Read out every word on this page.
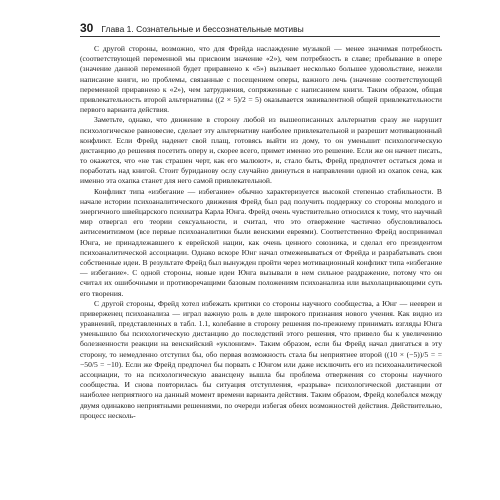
30 Глава 1. Сознательные и бессознательные мотивы

С другой стороны, возможно, что для Фрейда наслаждение музыкой — менее значимая потребность (соответствующей переменной мы присвоим значение «2»), чем потребность в славе; пребывание в опере (значение данной переменной будет приравнено к «5») вызывает несколько большее удовольствие, нежели написание книги, но проблемы, связанные с посещением оперы, важного лечь (значение соответствующей переменной приравнено к «2»), чем затруднения, сопряженные с написанием книги. Таким образом, общая привлекательность второй альтернативы ((2 × 5)/2 = 5) оказывается эквивалентной общей привлекательности первого варианта действия.

Заметьте, однако, что движение в сторону любой из вышеописанных альтернатив сразу же нарушит психологическое равновесие, сделает эту альтернативу наиболее привлекательной и разрешит мотивационный конфликт. Если Фрейд наденет свой плащ, готовясь выйти из дому, то он уменьшит психологическую дистанцию до решения посетить оперу и, скорее всего, примет именно это решение. Если же он начнет писать, то окажется, что «не так страшен черт, как его малюют», и, стало быть, Фрейд предпочтет остаться дома и поработать над книгой. Стоит буриданову ослу случайно двинуться в направлении одной из охапок сена, как именно эта охапка станет для него самой привлекательной.

Конфликт типа «избегание — избегание» обычно характеризуется высокой степенью стабильности. В начале истории психоаналитического движения Фрейд был рад получить поддержку со стороны молодого и энергичного швейцарского психиатра Карла Юнга. Фрейд очень чувствительно относился к тому, что научный мир отвергал его теории сексуальности, и считал, что это отвержение частично обусловливалось антисемитизмом (все первые психоаналитики были венскими евреями). Соответственно Фрейд воспринимал Юнга, не принадлежавшего к еврейской нации, как очень ценного союзника, и сделал его президентом психоаналитической ассоциации. Однако вскоре Юнг начал отмежевываться от Фрейда и разрабатывать свои собственные идеи. В результате Фрейд был вынужден пройти через мотивационный конфликт типа «избегание — избегание». С одной стороны, новые идеи Юнга вызывали в нем сильное раздражение, потому что он считал их ошибочными и противоречащими базовым положениям психоанализа или выхолащивающими суть его творения.

С другой стороны, Фрейд хотел избежать критики со стороны научного сообщества, а Юнг — неевреи и приверженец психоанализа — играл важную роль в деле широкого признания нового учения. Как видно из уравнений, представленных в табл. 1.1, колебание в сторону решения по-прежнему принимать взгляды Юнга уменьшило бы психологическую дистанцию до последствий этого решения, что привело бы к увеличению болезненности реакции на венскийский «уклонизм». Таким образом, если бы Фрейд начал двигаться в эту сторону, то немедленно отступил бы, обо первая возможность стала бы неприятнее второй ((10 × (−5))/5 = = −50/5 = −10). Если же Фрейд предпочел бы порвать с Юнгом или даже исключить его из психоаналитической ассоциации, то на психологическую авансцену вышла бы проблема отвержения со стороны научного сообщества. И снова повторилась бы ситуация отступления, «разрыва» психологической дистанции от наиболее неприятного на данный момент времени варианта действия. Таким образом, Фрейд колебался между двумя одинаково неприятными решениями, по очереди избегая обеих возможностей действия. Действительно, процесс несколь-
